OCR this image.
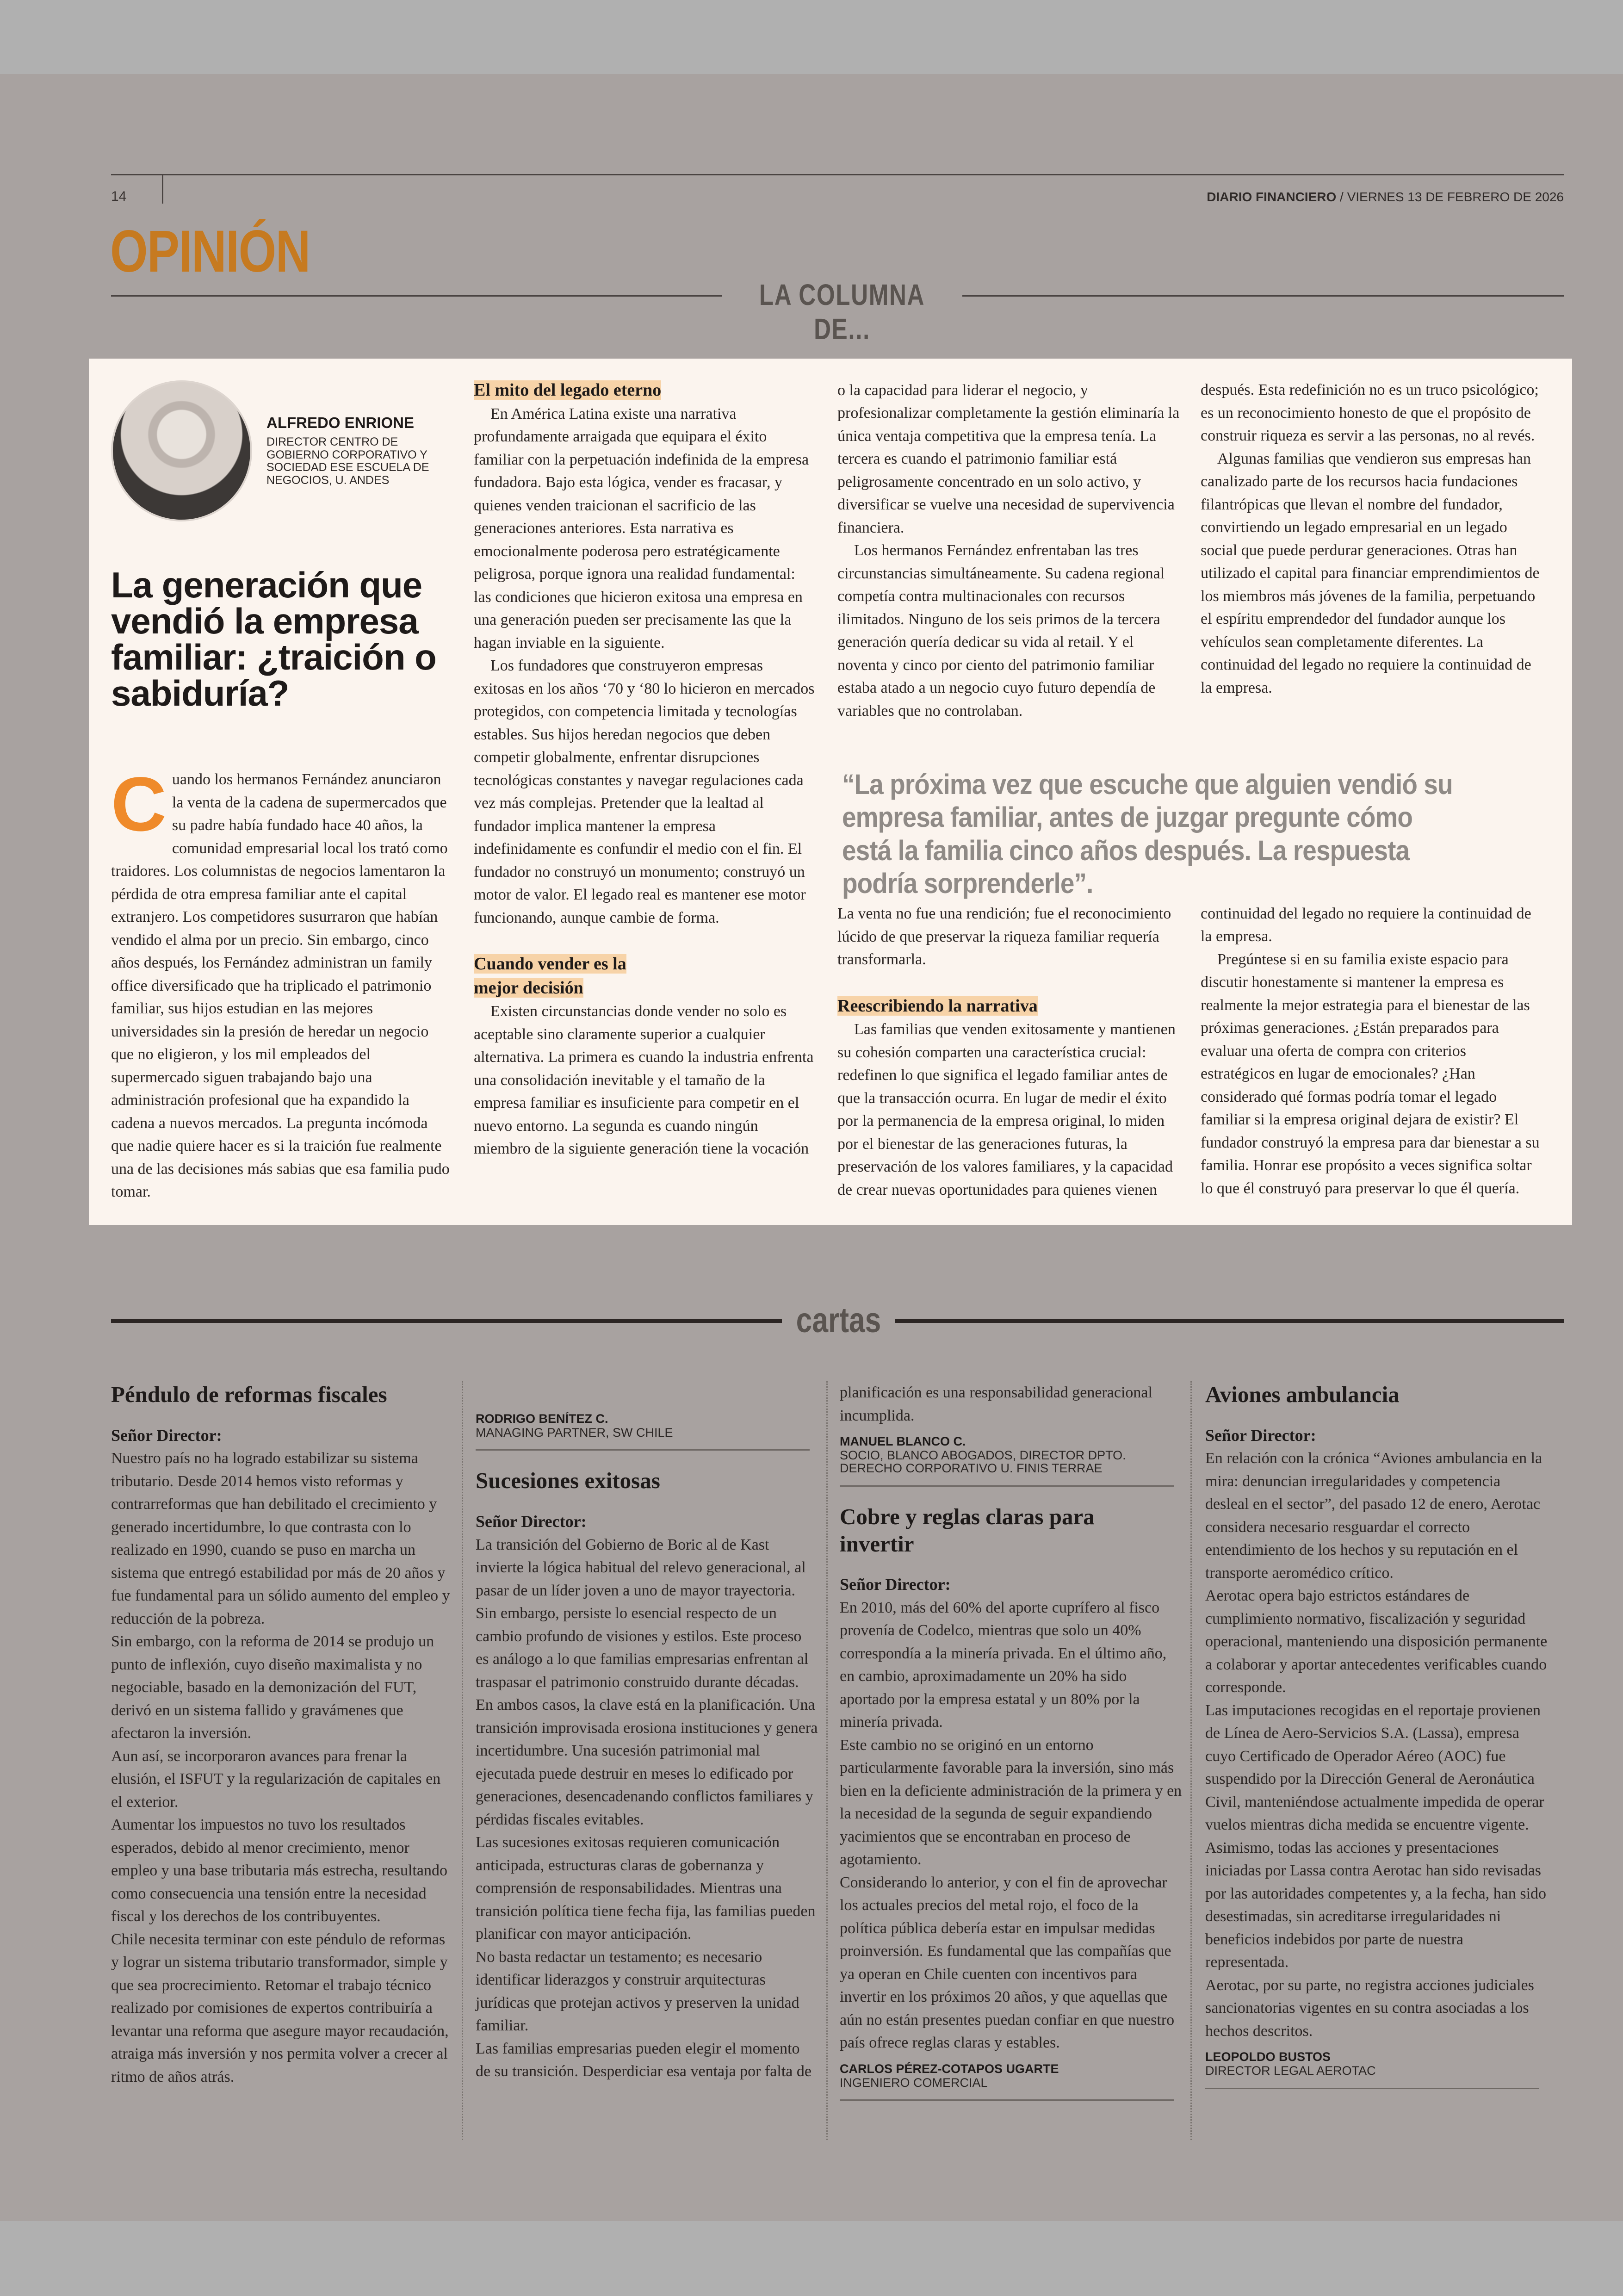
14	DIARIO FINANCIERO / VIERNES 13 DE FEBRERO DE 2026
OPINIÓN
LA COLUMNA DE...
ALFREDO ENRIONE
DIRECTOR CENTRO DE GOBIERNO CORPORATIVO Y SOCIEDAD ESE ESCUELA DE NEGOCIOS, U. ANDES
La generación que vendió la empresa familiar: ¿traición o sabiduría?

Cuando los hermanos Fernández anunciaron la venta de la cadena de supermercados que su padre había fundado hace 40 años, la comunidad empresarial local los trató como traidores. Los columnistas de negocios lamentaron la pérdida de otra empresa familiar ante el capital extranjero. Los competidores susurraron que habían vendido el alma por un precio. Sin embargo, cinco años después, los Fernández administran un family office diversificado que ha triplicado el patrimonio familiar, sus hijos estudian en las mejores universidades sin la presión de heredar un negocio que no eligieron, y los mil empleados del supermercado siguen trabajando bajo una administración profesional que ha expandido la cadena a nuevos mercados. La pregunta incómoda que nadie quiere hacer es si la traición fue realmente una de las decisiones más sabias que esa familia pudo tomar.

El mito del legado eterno

En América Latina existe una narrativa profundamente arraigada que equipara el éxito familiar con la perpetuación indefinida de la empresa fundadora. Bajo esta lógica, vender es fracasar, y quienes venden traicionan el sacrificio de las generaciones anteriores. Esta narrativa es emocionalmente poderosa pero estratégicamente peligrosa, porque ignora una realidad fundamental: las condiciones que hicieron exitosa una empresa en una generación pueden ser precisamente las que la hagan inviable en la siguiente.

Los fundadores que construyeron empresas exitosas en los años ‘70 y ‘80 lo hicieron en mercados protegidos, con competencia limitada y tecnologías estables. Sus hijos heredan negocios que deben competir globalmente, enfrentar disrupciones tecnológicas constantes y navegar regulaciones cada vez más complejas. Pretender que la lealtad al fundador implica mantener la empresa indefinidamente es confundir el medio con el fin. El fundador no construyó un monumento; construyó un motor de valor. El legado real es mantener ese motor funcionando, aunque cambie de forma.

Cuando vender es la mejor decisión

Existen circunstancias donde vender no solo es aceptable sino claramente superior a cualquier alternativa. La primera es cuando la industria enfrenta una consolidación inevitable y el tamaño de la empresa familiar es insuficiente para competir en el nuevo entorno. La segunda es cuando ningún miembro de la siguiente generación tiene la vocación

o la capacidad para liderar el negocio, y profesionalizar completamente la gestión eliminaría la única ventaja competitiva que la empresa tenía. La tercera es cuando el patrimonio familiar está peligrosamente concentrado en un solo activo, y diversificar se vuelve una necesidad de supervivencia financiera.

Los hermanos Fernández enfrentaban las tres circunstancias simultáneamente. Su cadena regional competía contra multinacionales con recursos ilimitados. Ninguno de los seis primos de la tercera generación quería dedicar su vida al retail. Y el noventa y cinco por ciento del patrimonio familiar estaba atado a un negocio cuyo futuro dependía de variables que no controlaban.

“La próxima vez que escuche que alguien vendió su empresa familiar, antes de juzgar pregunte cómo está la familia cinco años después. La respuesta podría sorprenderle”.

La venta no fue una rendición; fue el reconocimiento lúcido de que preservar la riqueza familiar requería transformarla.

Reescribiendo la narrativa

Las familias que venden exitosamente y mantienen su cohesión comparten una característica crucial: redefinen lo que significa el legado familiar antes de que la transacción ocurra. En lugar de medir el éxito por la permanencia de la empresa original, lo miden por el bienestar de las generaciones futuras, la preservación de los valores familiares, y la capacidad de crear nuevas oportunidades para quienes vienen

después. Esta redefinición no es un truco psicológico; es un reconocimiento honesto de que el propósito de construir riqueza es servir a las personas, no al revés.

Algunas familias que vendieron sus empresas han canalizado parte de los recursos hacia fundaciones filantrópicas que llevan el nombre del fundador, convirtiendo un legado empresarial en un legado social que puede perdurar generaciones. Otras han utilizado el capital para financiar emprendimientos de los miembros más jóvenes de la familia, perpetuando el espíritu emprendedor del fundador aunque los vehículos sean completamente diferentes. La continuidad del legado no requiere la continuidad de la empresa.

continuidad del legado no requiere la continuidad de la empresa.

Pregúntese si en su familia existe espacio para discutir honestamente si mantener la empresa es realmente la mejor estrategia para el bienestar de las próximas generaciones. ¿Están preparados para evaluar una oferta de compra con criterios estratégicos en lugar de emocionales? ¿Han considerado qué formas podría tomar el legado familiar si la empresa original dejara de existir? El fundador construyó la empresa para dar bienestar a su familia. Honrar ese propósito a veces significa soltar lo que él construyó para preservar lo que él quería.

cartas
Péndulo de reformas fiscales
Señor Director:

Nuestro país no ha logrado estabilizar su sistema tributario. Desde 2014 hemos visto reformas y contrarreformas que han debilitado el crecimiento y generado incertidumbre, lo que contrasta con lo realizado en 1990, cuando se puso en marcha un sistema que entregó estabilidad por más de 20 años y fue fundamental para un sólido aumento del empleo y reducción de la pobreza.

Sin embargo, con la reforma de 2014 se produjo un punto de inflexión, cuyo diseño maximalista y no negociable, basado en la demonización del FUT, derivó en un sistema fallido y gravámenes que afectaron la inversión.

Aun así, se incorporaron avances para frenar la elusión, el ISFUT y la regularización de capitales en el exterior.

Aumentar los impuestos no tuvo los resultados esperados, debido al menor crecimiento, menor empleo y una base tributaria más estrecha, resultando como consecuencia una tensión entre la necesidad fiscal y los derechos de los contribuyentes.

Chile necesita terminar con este péndulo de reformas y lograr un sistema tributario transformador, simple y que sea procrecimiento. Retomar el trabajo técnico realizado por comisiones de expertos contribuiría a levantar una reforma que asegure mayor recaudación, atraiga más inversión y nos permita volver a crecer al ritmo de años atrás.

RODRIGO BENÍTEZ C.
MANAGING PARTNER, SW CHILE
Sucesiones exitosas
Señor Director:

La transición del Gobierno de Boric al de Kast invierte la lógica habitual del relevo generacional, al pasar de un líder joven a uno de mayor trayectoria. Sin embargo, persiste lo esencial respecto de un cambio profundo de visiones y estilos. Este proceso es análogo a lo que familias empresarias enfrentan al traspasar el patrimonio construido durante décadas.

En ambos casos, la clave está en la planificación. Una transición improvisada erosiona instituciones y genera incertidumbre. Una sucesión patrimonial mal ejecutada puede destruir en meses lo edificado por generaciones, desencadenando conflictos familiares y pérdidas fiscales evitables.

Las sucesiones exitosas requieren comunicación anticipada, estructuras claras de gobernanza y comprensión de responsabilidades. Mientras una transición política tiene fecha fija, las familias pueden planificar con mayor anticipación.

No basta redactar un testamento; es necesario identificar liderazgos y construir arquitecturas jurídicas que protejan activos y preserven la unidad familiar.

Las familias empresarias pueden elegir el momento de su transición. Desperdiciar esa ventaja por falta de

planificación es una responsabilidad generacional incumplida.

MANUEL BLANCO C.
SOCIO, BLANCO ABOGADOS, DIRECTOR DPTO. DERECHO CORPORATIVO U. FINIS TERRAE
Cobre y reglas claras para invertir
Señor Director:

En 2010, más del 60% del aporte cuprífero al fisco provenía de Codelco, mientras que solo un 40% correspondía a la minería privada. En el último año, en cambio, aproximadamente un 20% ha sido aportado por la empresa estatal y un 80% por la minería privada.

Este cambio no se originó en un entorno particularmente favorable para la inversión, sino más bien en la deficiente administración de la primera y en la necesidad de la segunda de seguir expandiendo yacimientos que se encontraban en proceso de agotamiento.

Considerando lo anterior, y con el fin de aprovechar los actuales precios del metal rojo, el foco de la política pública debería estar en impulsar medidas proinversión. Es fundamental que las compañías que ya operan en Chile cuenten con incentivos para invertir en los próximos 20 años, y que aquellas que aún no están presentes puedan confiar en que nuestro país ofrece reglas claras y estables.

CARLOS PÉREZ-COTAPOS UGARTE
INGENIERO COMERCIAL
Aviones ambulancia
Señor Director:

En relación con la crónica “Aviones ambulancia en la mira: denuncian irregularidades y competencia desleal en el sector”, del pasado 12 de enero, Aerotac considera necesario resguardar el correcto entendimiento de los hechos y su reputación en el transporte aeromédico crítico.

Aerotac opera bajo estrictos estándares de cumplimiento normativo, fiscalización y seguridad operacional, manteniendo una disposición permanente a colaborar y aportar antecedentes verificables cuando corresponde.

Las imputaciones recogidas en el reportaje provienen de Línea de Aero-Servicios S.A. (Lassa), empresa cuyo Certificado de Operador Aéreo (AOC) fue suspendido por la Dirección General de Aeronáutica Civil, manteniéndose actualmente impedida de operar vuelos mientras dicha medida se encuentre vigente.

Asimismo, todas las acciones y presentaciones iniciadas por Lassa contra Aerotac han sido revisadas por las autoridades competentes y, a la fecha, han sido desestimadas, sin acreditarse irregularidades ni beneficios indebidos por parte de nuestra representada.

Aerotac, por su parte, no registra acciones judiciales sancionatorias vigentes en su contra asociadas a los hechos descritos.

LEOPOLDO BUSTOS
DIRECTOR LEGAL AEROTAC
